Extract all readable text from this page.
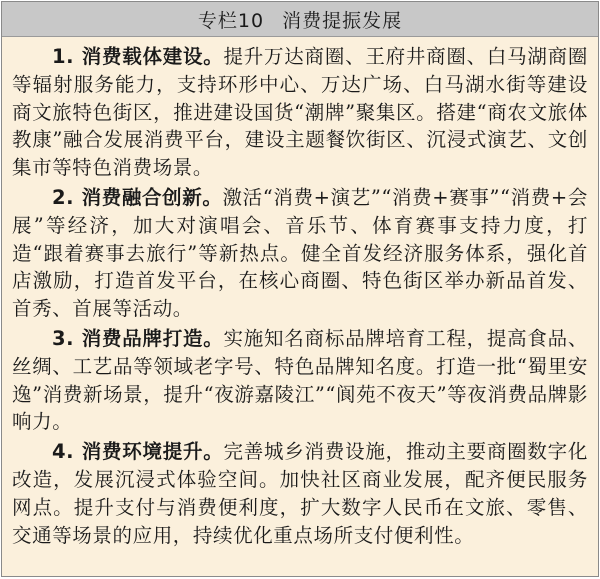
专栏10 消费提振发展

1. 消费载体建设。提升万达商圈、王府井商圈、白马湖商圈等辐射服务能力，支持环形中心、万达广场、白马湖水街等建设商文旅特色街区，推进建设国货“潮牌”聚集区。搭建“商农文旅体教康”融合发展消费平台，建设主题餐饮街区、沉浸式演艺、文创集市等特色消费场景。

2. 消费融合创新。激活“消费+演艺”“消费+赛事”“消费+会展”等经济，加大对演唱会、音乐节、体育赛事支持力度，打造“跟着赛事去旅行”等新热点。健全首发经济服务体系，强化首店激励，打造首发平台，在核心商圈、特色街区举办新品首发、首秀、首展等活动。

3. 消费品牌打造。实施知名商标品牌培育工程，提高食品、丝绸、工艺品等领域老字号、特色品牌知名度。打造一批“蜀里安逸”消费新场景，提升“夜游嘉陵江”“阆苑不夜天”等夜消费品牌影响力。

4. 消费环境提升。完善城乡消费设施，推动主要商圈数字化改造，发展沉浸式体验空间。加快社区商业发展，配齐便民服务网点。提升支付与消费便利度，扩大数字人民币在文旅、零售、交通等场景的应用，持续优化重点场所支付便利性。
